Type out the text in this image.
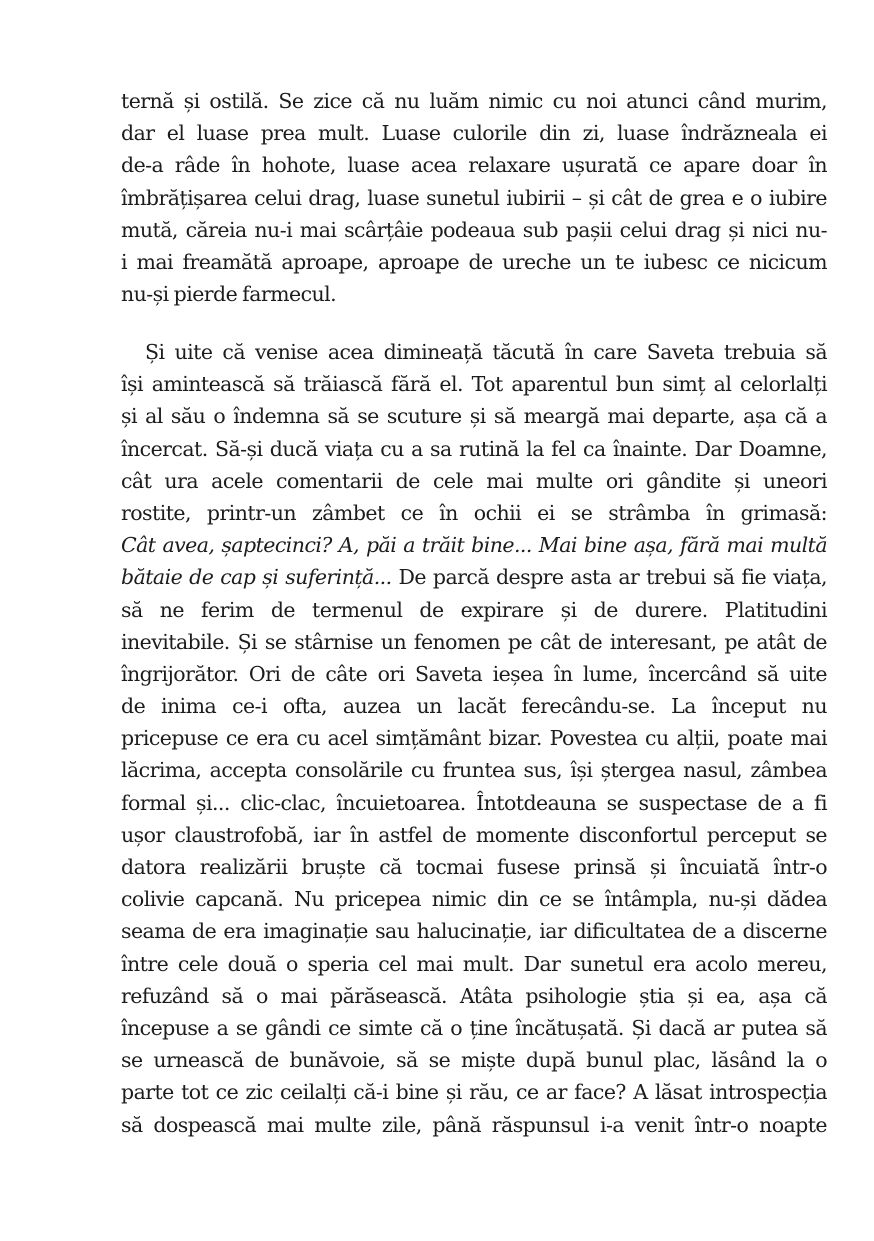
ternă și ostilă. Se zice că nu luăm nimic cu noi atunci când murim,
dar el luase prea mult. Luase culorile din zi, luase îndrăzneala ei
de-a râde în hohote, luase acea relaxare ușurată ce apare doar în
îmbrățișarea celui drag, luase sunetul iubirii – și cât de grea e o iubire
mută, căreia nu-i mai scârțâie podeaua sub pașii celui drag și nici nu-
i mai freamătă aproape, aproape de ureche un te iubesc ce nicicum
nu-și pierde farmecul.
Și uite că venise acea dimineață tăcută în care Saveta trebuia să
își amintească să trăiască fără el. Tot aparentul bun simț al celorlalți
și al său o îndemna să se scuture și să meargă mai departe, așa că a
încercat. Să-și ducă viața cu a sa rutină la fel ca înainte. Dar Doamne,
cât ura acele comentarii de cele mai multe ori gândite și uneori
rostite, printr-un zâmbet ce în ochii ei se strâmba în grimasă:
Cât avea, șaptecinci? A, păi a trăit bine... Mai bine așa, fără mai multă
bătaie de cap și suferință... De parcă despre asta ar trebui să fie viața,
să ne ferim de termenul de expirare și de durere. Platitudini
inevitabile. Și se stârnise un fenomen pe cât de interesant, pe atât de
îngrijorător. Ori de câte ori Saveta ieșea în lume, încercând să uite
de inima ce-i ofta, auzea un lacăt ferecându-se. La început nu
pricepuse ce era cu acel simțământ bizar. Povestea cu alții, poate mai
lăcrima, accepta consolările cu fruntea sus, își ștergea nasul, zâmbea
formal și... clic-clac, încuietoarea. Întotdeauna se suspectase de a fi
ușor claustrofobă, iar în astfel de momente disconfortul perceput se
datora realizării bruște că tocmai fusese prinsă și încuiată într-o
colivie capcană. Nu pricepea nimic din ce se întâmpla, nu-și dădea
seama de era imaginație sau halucinație, iar dificultatea de a discerne
între cele două o speria cel mai mult. Dar sunetul era acolo mereu,
refuzând să o mai părăsească. Atâta psihologie știa și ea, așa că
începuse a se gândi ce simte că o ține încătușată. Și dacă ar putea să
se urnească de bunăvoie, să se miște după bunul plac, lăsând la o
parte tot ce zic ceilalți că-i bine și rău, ce ar face? A lăsat introspecția
să dospească mai multe zile, până răspunsul i-a venit într-o noapte
